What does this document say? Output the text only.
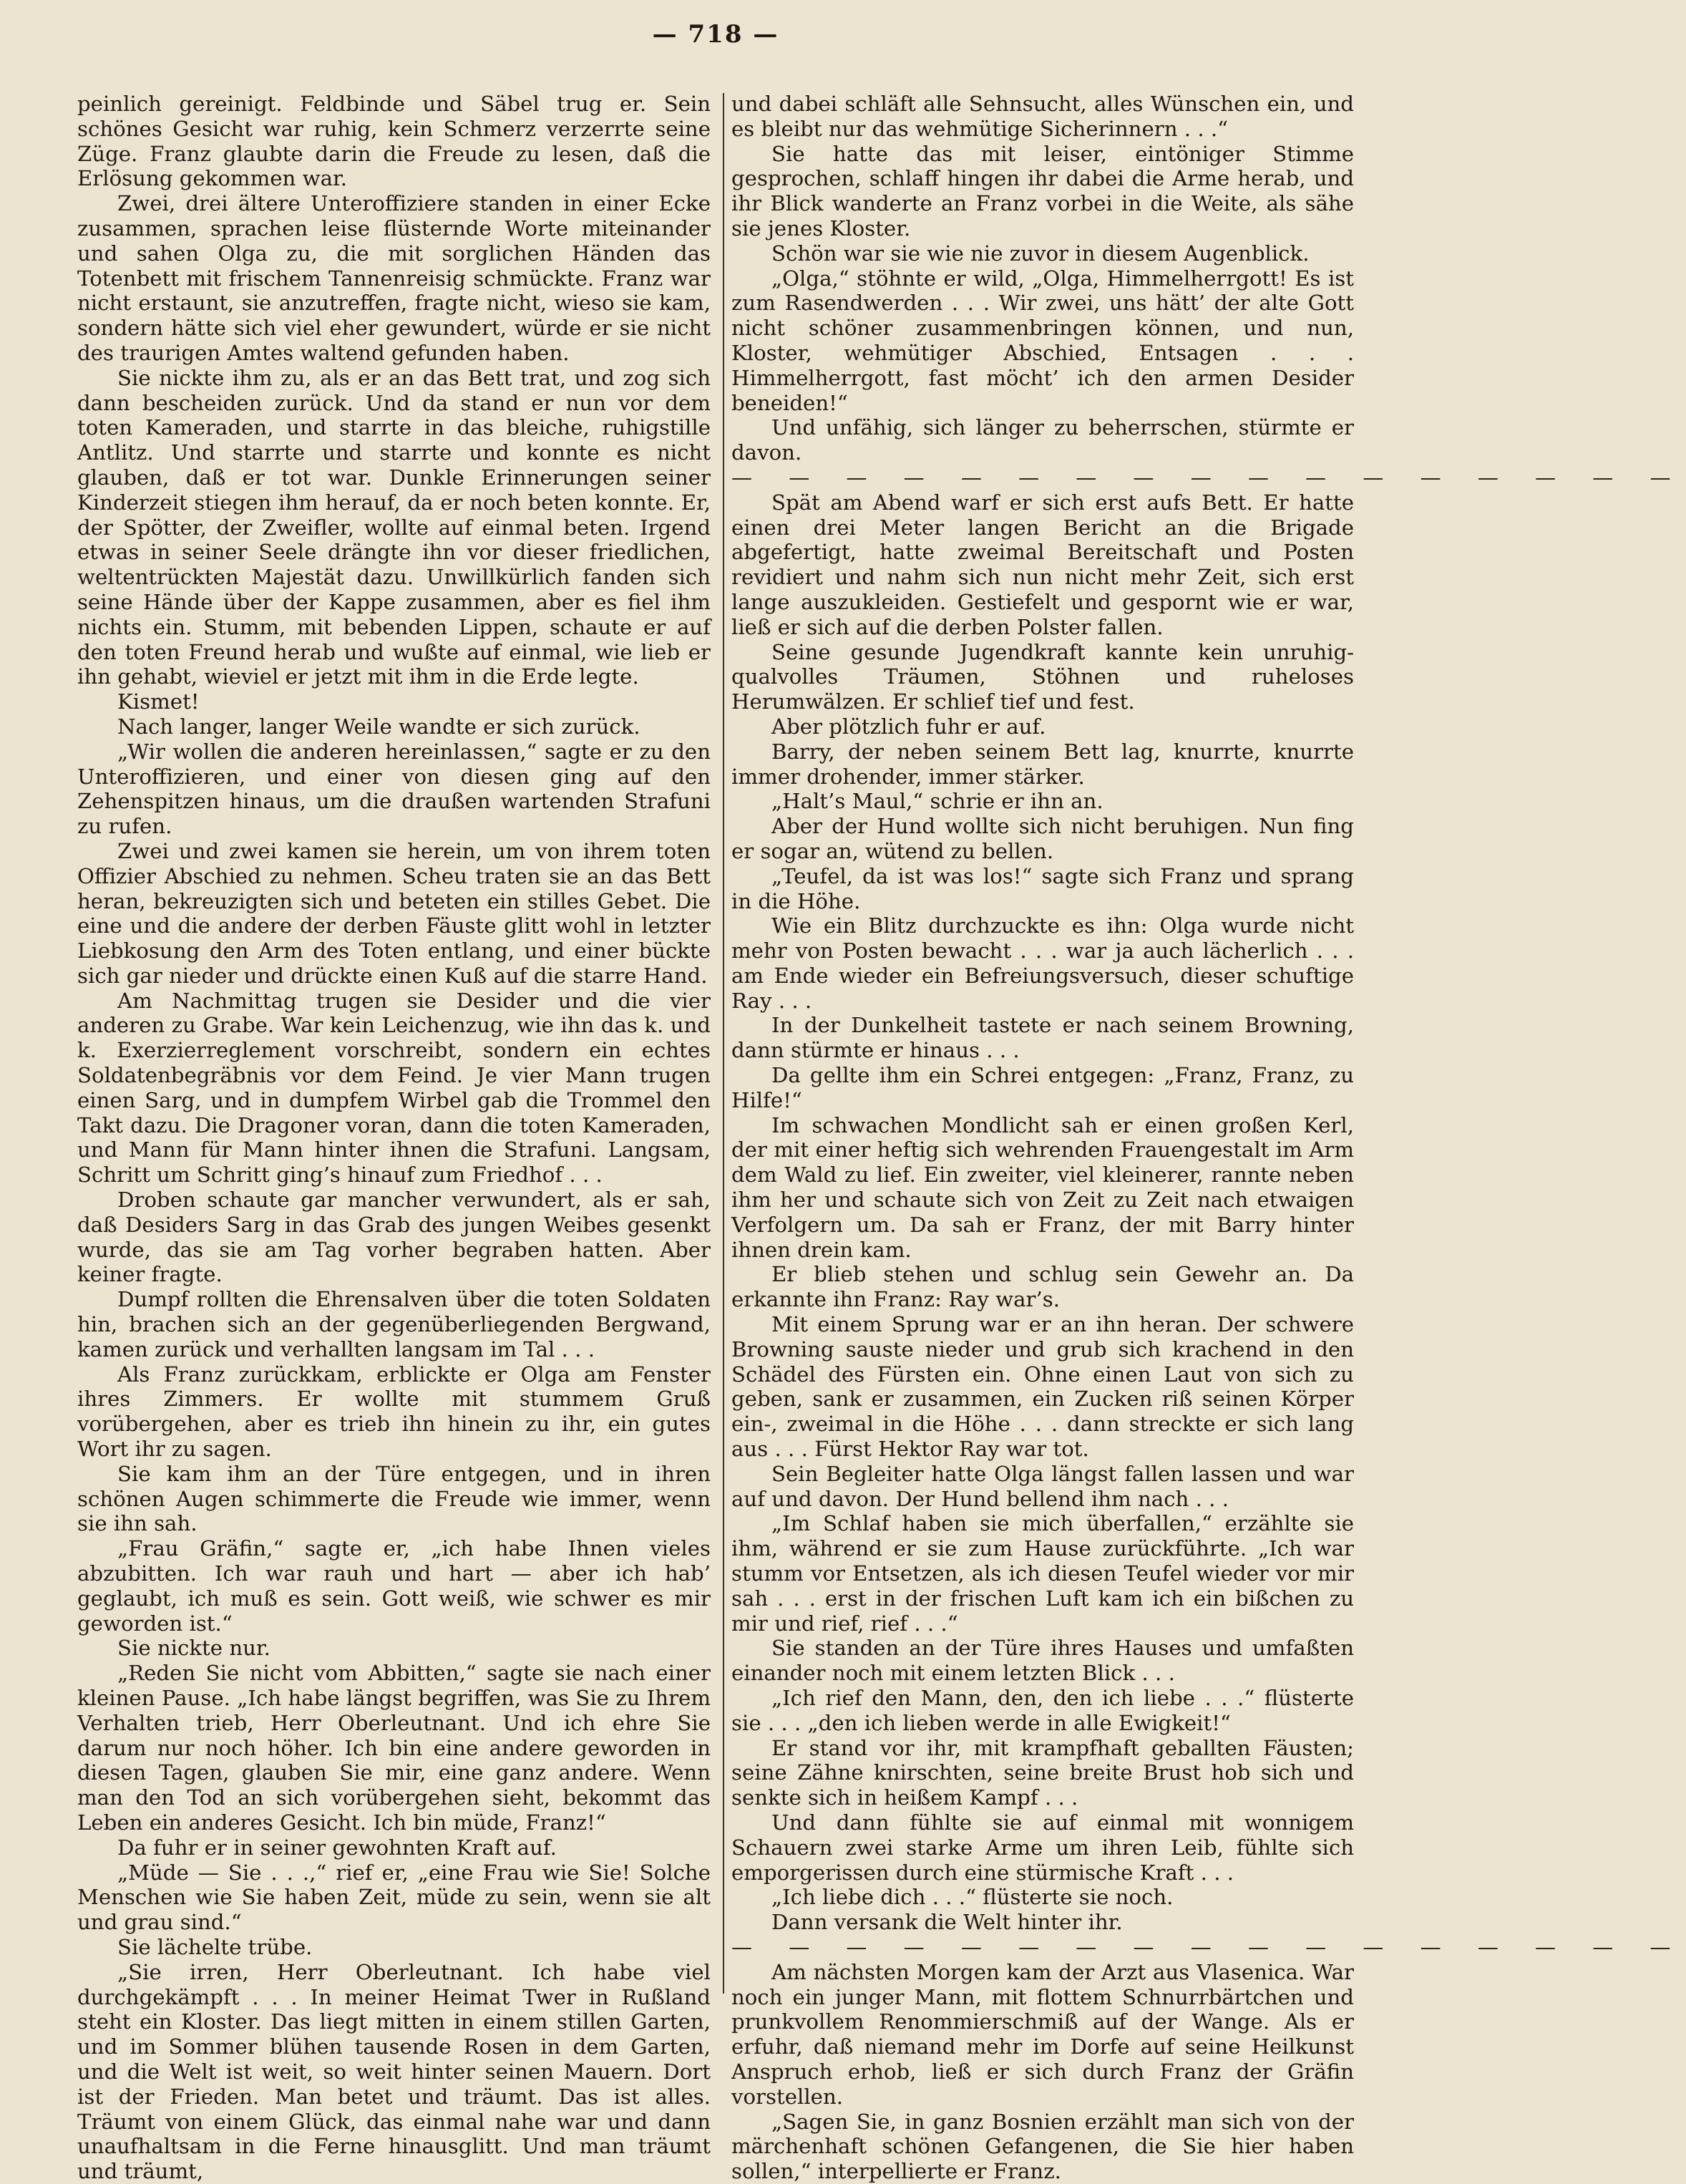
— 718 —

peinlich gereinigt. Feldbinde und Säbel trug er. Sein schönes Gesicht war ruhig, kein Schmerz verzerrte seine Züge. Franz glaubte darin die Freude zu lesen, daß die Erlösung gekommen war.

Zwei, drei ältere Unteroffiziere standen in einer Ecke zusammen, sprachen leise flüsternde Worte miteinander und sahen Olga zu, die mit sorglichen Händen das Totenbett mit frischem Tannenreisig schmückte. Franz war nicht erstaunt, sie anzutreffen, fragte nicht, wieso sie kam, sondern hätte sich viel eher gewundert, würde er sie nicht des traurigen Amtes waltend gefunden haben.

Sie nickte ihm zu, als er an das Bett trat, und zog sich dann bescheiden zurück. Und da stand er nun vor dem toten Kameraden, und starrte in das bleiche, ruhigstille Antlitz. Und starrte und starrte und konnte es nicht glauben, daß er tot war. Dunkle Erinnerungen seiner Kinderzeit stiegen ihm herauf, da er noch beten konnte. Er, der Spötter, der Zweifler, wollte auf einmal beten. Irgend etwas in seiner Seele drängte ihn vor dieser friedlichen, weltentrückten Majestät dazu. Unwillkürlich fanden sich seine Hände über der Kappe zusammen, aber es fiel ihm nichts ein. Stumm, mit bebenden Lippen, schaute er auf den toten Freund herab und wußte auf einmal, wie lieb er ihn gehabt, wieviel er jetzt mit ihm in die Erde legte.

Kismet!

Nach langer, langer Weile wandte er sich zurück.

„Wir wollen die anderen hereinlassen,“ sagte er zu den Unteroffizieren, und einer von diesen ging auf den Zehenspitzen hinaus, um die draußen wartenden Strafuni zu rufen.

Zwei und zwei kamen sie herein, um von ihrem toten Offizier Abschied zu nehmen. Scheu traten sie an das Bett heran, bekreuzigten sich und beteten ein stilles Gebet. Die eine und die andere der derben Fäuste glitt wohl in letzter Liebkosung den Arm des Toten entlang, und einer bückte sich gar nieder und drückte einen Kuß auf die starre Hand.

Am Nachmittag trugen sie Desider und die vier anderen zu Grabe. War kein Leichenzug, wie ihn das k. und k. Exerzierreglement vorschreibt, sondern ein echtes Soldatenbegräbnis vor dem Feind. Je vier Mann trugen einen Sarg, und in dumpfem Wirbel gab die Trommel den Takt dazu. Die Dragoner voran, dann die toten Kameraden, und Mann für Mann hinter ihnen die Strafuni. Langsam, Schritt um Schritt ging’s hinauf zum Friedhof . . .

Droben schaute gar mancher verwundert, als er sah, daß Desiders Sarg in das Grab des jungen Weibes gesenkt wurde, das sie am Tag vorher begraben hatten. Aber keiner fragte.

Dumpf rollten die Ehrensalven über die toten Soldaten hin, brachen sich an der gegenüberliegenden Bergwand, kamen zurück und verhallten langsam im Tal . . .

Als Franz zurückkam, erblickte er Olga am Fenster ihres Zimmers. Er wollte mit stummem Gruß vorübergehen, aber es trieb ihn hinein zu ihr, ein gutes Wort ihr zu sagen.

Sie kam ihm an der Türe entgegen, und in ihren schönen Augen schimmerte die Freude wie immer, wenn sie ihn sah.

„Frau Gräfin,“ sagte er, „ich habe Ihnen vieles abzubitten. Ich war rauh und hart — aber ich hab’ geglaubt, ich muß es sein. Gott weiß, wie schwer es mir geworden ist.“

Sie nickte nur.

„Reden Sie nicht vom Abbitten,“ sagte sie nach einer kleinen Pause. „Ich habe längst begriffen, was Sie zu Ihrem Verhalten trieb, Herr Oberleutnant. Und ich ehre Sie darum nur noch höher. Ich bin eine andere geworden in diesen Tagen, glauben Sie mir, eine ganz andere. Wenn man den Tod an sich vorübergehen sieht, bekommt das Leben ein anderes Gesicht. Ich bin müde, Franz!“

Da fuhr er in seiner gewohnten Kraft auf.

„Müde — Sie . . .,“ rief er, „eine Frau wie Sie! Solche Menschen wie Sie haben Zeit, müde zu sein, wenn sie alt und grau sind.“

Sie lächelte trübe.

„Sie irren, Herr Oberleutnant. Ich habe viel durchgekämpft . . . In meiner Heimat Twer in Rußland steht ein Kloster. Das liegt mitten in einem stillen Garten, und im Sommer blühen tausende Rosen in dem Garten, und die Welt ist weit, so weit hinter seinen Mauern. Dort ist der Frieden. Man betet und träumt. Das ist alles. Träumt von einem Glück, das einmal nahe war und dann unaufhaltsam in die Ferne hinausglitt. Und man träumt und träumt,

und dabei schläft alle Sehnsucht, alles Wünschen ein, und es bleibt nur das wehmütige Sicherinnern . . .“

Sie hatte das mit leiser, eintöniger Stimme gesprochen, schlaff hingen ihr dabei die Arme herab, und ihr Blick wanderte an Franz vorbei in die Weite, als sähe sie jenes Kloster.

Schön war sie wie nie zuvor in diesem Augenblick.

„Olga,“ stöhnte er wild, „Olga, Himmelherrgott! Es ist zum Rasendwerden . . . Wir zwei, uns hätt’ der alte Gott nicht schöner zusammenbringen können, und nun, Kloster, wehmütiger Abschied, Entsagen . . . Himmelherrgott, fast möcht’ ich den armen Desider beneiden!“

Und unfähig, sich länger zu beherrschen, stürmte er davon.

— — — — — — — — — — — — — — — — —

Spät am Abend warf er sich erst aufs Bett. Er hatte einen drei Meter langen Bericht an die Brigade abgefertigt, hatte zweimal Bereitschaft und Posten revidiert und nahm sich nun nicht mehr Zeit, sich erst lange auszukleiden. Gestiefelt und gespornt wie er war, ließ er sich auf die derben Polster fallen.

Seine gesunde Jugendkraft kannte kein unruhig-qualvolles Träumen, Stöhnen und ruheloses Herumwälzen. Er schlief tief und fest.

Aber plötzlich fuhr er auf.

Barry, der neben seinem Bett lag, knurrte, knurrte immer drohender, immer stärker.

„Halt’s Maul,“ schrie er ihn an.

Aber der Hund wollte sich nicht beruhigen. Nun fing er sogar an, wütend zu bellen.

„Teufel, da ist was los!“ sagte sich Franz und sprang in die Höhe.

Wie ein Blitz durchzuckte es ihn: Olga wurde nicht mehr von Posten bewacht . . . war ja auch lächerlich . . . am Ende wieder ein Befreiungsversuch, dieser schuftige Ray . . .

In der Dunkelheit tastete er nach seinem Browning, dann stürmte er hinaus . . .

Da gellte ihm ein Schrei entgegen: „Franz, Franz, zu Hilfe!“

Im schwachen Mondlicht sah er einen großen Kerl, der mit einer heftig sich wehrenden Frauengestalt im Arm dem Wald zu lief. Ein zweiter, viel kleinerer, rannte neben ihm her und schaute sich von Zeit zu Zeit nach etwaigen Verfolgern um. Da sah er Franz, der mit Barry hinter ihnen drein kam.

Er blieb stehen und schlug sein Gewehr an. Da erkannte ihn Franz: Ray war’s.

Mit einem Sprung war er an ihn heran. Der schwere Browning sauste nieder und grub sich krachend in den Schädel des Fürsten ein. Ohne einen Laut von sich zu geben, sank er zusammen, ein Zucken riß seinen Körper ein-, zweimal in die Höhe . . . dann streckte er sich lang aus . . . Fürst Hektor Ray war tot.

Sein Begleiter hatte Olga längst fallen lassen und war auf und davon. Der Hund bellend ihm nach . . .

„Im Schlaf haben sie mich überfallen,“ erzählte sie ihm, während er sie zum Hause zurückführte. „Ich war stumm vor Entsetzen, als ich diesen Teufel wieder vor mir sah . . . erst in der frischen Luft kam ich ein bißchen zu mir und rief, rief . . .“

Sie standen an der Türe ihres Hauses und umfaßten einander noch mit einem letzten Blick . . .

„Ich rief den Mann, den, den ich liebe . . .“ flüsterte sie . . . „den ich lieben werde in alle Ewigkeit!“

Er stand vor ihr, mit krampfhaft geballten Fäusten; seine Zähne knirschten, seine breite Brust hob sich und senkte sich in heißem Kampf . . .

Und dann fühlte sie auf einmal mit wonnigem Schauern zwei starke Arme um ihren Leib, fühlte sich emporgerissen durch eine stürmische Kraft . . .

„Ich liebe dich . . .“ flüsterte sie noch.

Dann versank die Welt hinter ihr.

— — — — — — — — — — — — — — — — —

Am nächsten Morgen kam der Arzt aus Vlasenica. War noch ein junger Mann, mit flottem Schnurrbärtchen und prunkvollem Renommierschmiß auf der Wange. Als er erfuhr, daß niemand mehr im Dorfe auf seine Heilkunst Anspruch erhob, ließ er sich durch Franz der Gräfin vorstellen.

„Sagen Sie, in ganz Bosnien erzählt man sich von der märchenhaft schönen Gefangenen, die Sie hier haben sollen,“ interpellierte er Franz.
